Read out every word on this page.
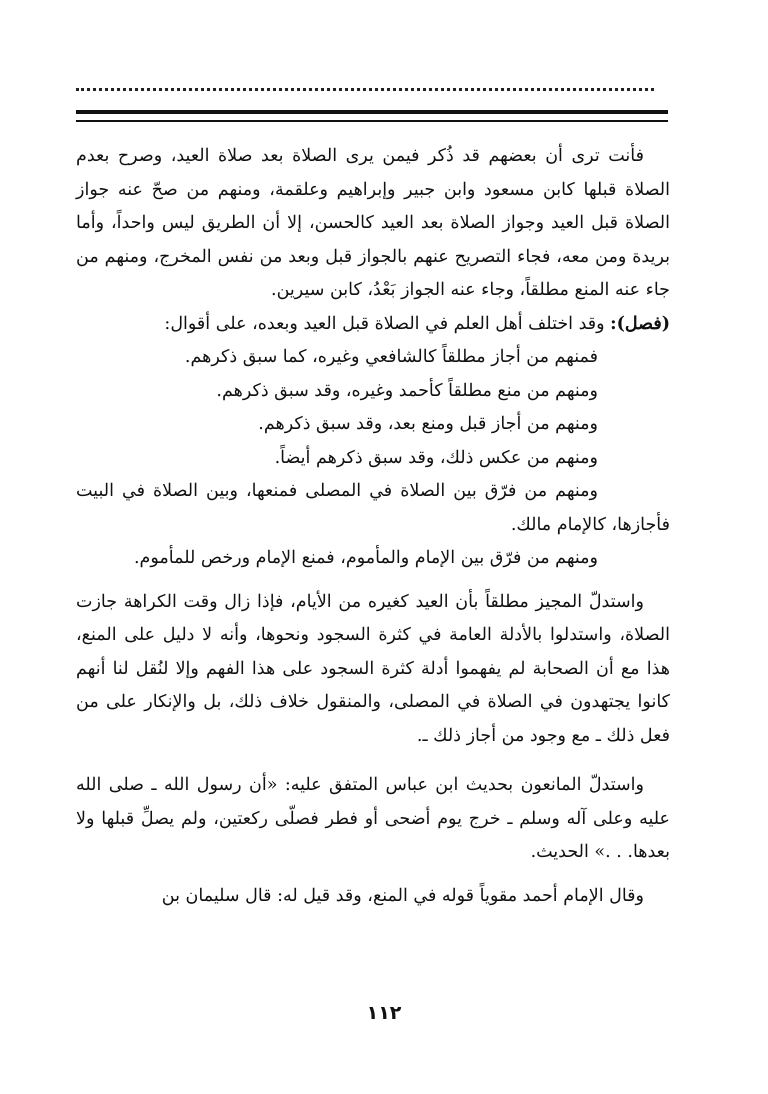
فأنت ترى أن بعضهم قد ذُكر فيمن يرى الصلاة بعد صلاة العيد، وصرح بعدم الصلاة قبلها كابن مسعود وابن جبير وإبراهيم وعلقمة، ومنهم من صحّ عنه جواز الصلاة قبل العيد وجواز الصلاة بعد العيد كالحسن، إلا أن الطريق ليس واحداً، وأما بريدة ومن معه، فجاء التصريح عنهم بالجواز قبل وبعد من نفس المخرج، ومنهم من جاء عنه المنع مطلقاً، وجاء عنه الجواز بَعْدُ، كابن سيرين.

(فصل): وقد اختلف أهل العلم في الصلاة قبل العيد وبعده، على أقوال:

فمنهم من أجاز مطلقاً كالشافعي وغيره، كما سبق ذكرهم.

ومنهم من منع مطلقاً كأحمد وغيره، وقد سبق ذكرهم.

ومنهم من أجاز قبل ومنع بعد، وقد سبق ذكرهم.

ومنهم من عكس ذلك، وقد سبق ذكرهم أيضاً.

ومنهم من فرّق بين الصلاة في المصلى فمنعها، وبين الصلاة في البيت فأجازها، كالإمام مالك.

ومنهم من فرّق بين الإمام والمأموم، فمنع الإمام ورخص للمأموم.

واستدلّ المجيز مطلقاً بأن العيد كغيره من الأيام، فإذا زال وقت الكراهة جازت الصلاة، واستدلوا بالأدلة العامة في كثرة السجود ونحوها، وأنه لا دليل على المنع، هذا مع أن الصحابة لم يفهموا أدلة كثرة السجود على هذا الفهم وإلا لنُقل لنا أنهم كانوا يجتهدون في الصلاة في المصلى، والمنقول خلاف ذلك، بل والإنكار على من فعل ذلك ـ مع وجود من أجاز ذلك ـ.

واستدلّ المانعون بحديث ابن عباس المتفق عليه: «أن رسول الله ـ صلى الله عليه وعلى آله وسلم ـ خرج يوم أضحى أو فطر فصلّى ركعتين، ولم يصلِّ قبلها ولا بعدها. . .» الحديث.

وقال الإمام أحمد مقوياً قوله في المنع، وقد قيل له: قال سليمان بن

١١٢
